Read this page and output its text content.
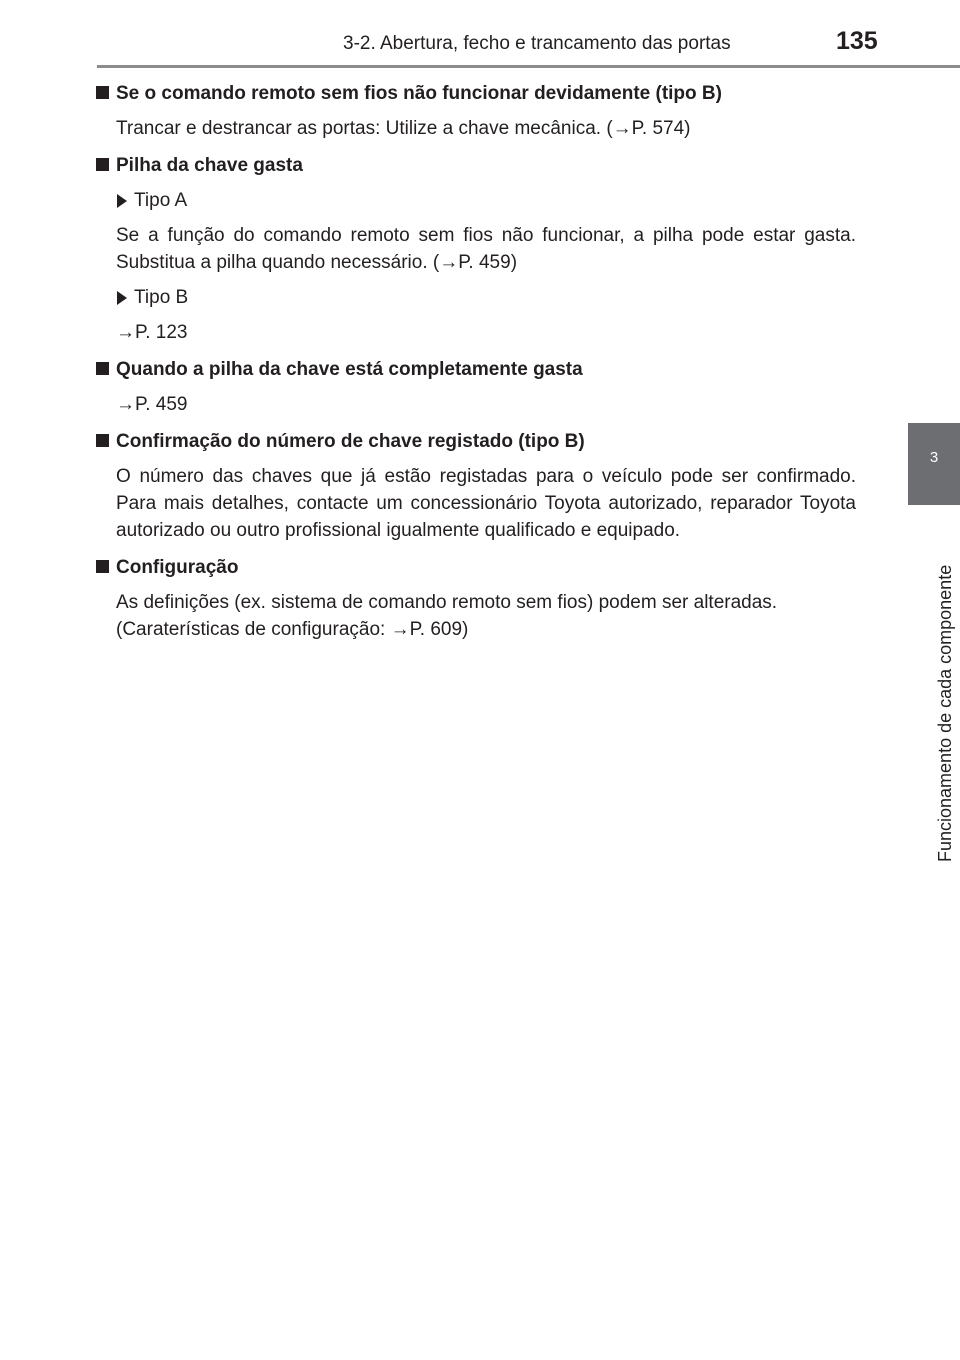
3-2. Abertura, fecho e trancamento das portas	135
3
Funcionamento de cada componente
Se o comando remoto sem fios não funcionar devidamente (tipo B)

Trancar e destrancar as portas: Utilize a chave mecânica. (→P. 574)

Pilha da chave gasta
Tipo A

Se a função do comando remoto sem fios não funcionar, a pilha pode estar gasta. Substitua a pilha quando necessário. (→P. 459)

Tipo B

→P. 123

Quando a pilha da chave está completamente gasta

→P. 459

Confirmação do número de chave registado (tipo B)

O número das chaves que já estão registadas para o veículo pode ser confirmado. Para mais detalhes, contacte um concessionário Toyota autorizado, reparador Toyota autorizado ou outro profissional igualmente qualificado e equipado.

Configuração

As definições (ex. sistema de comando remoto sem fios) podem ser alteradas.
(Caraterísticas de configuração: →P. 609)
